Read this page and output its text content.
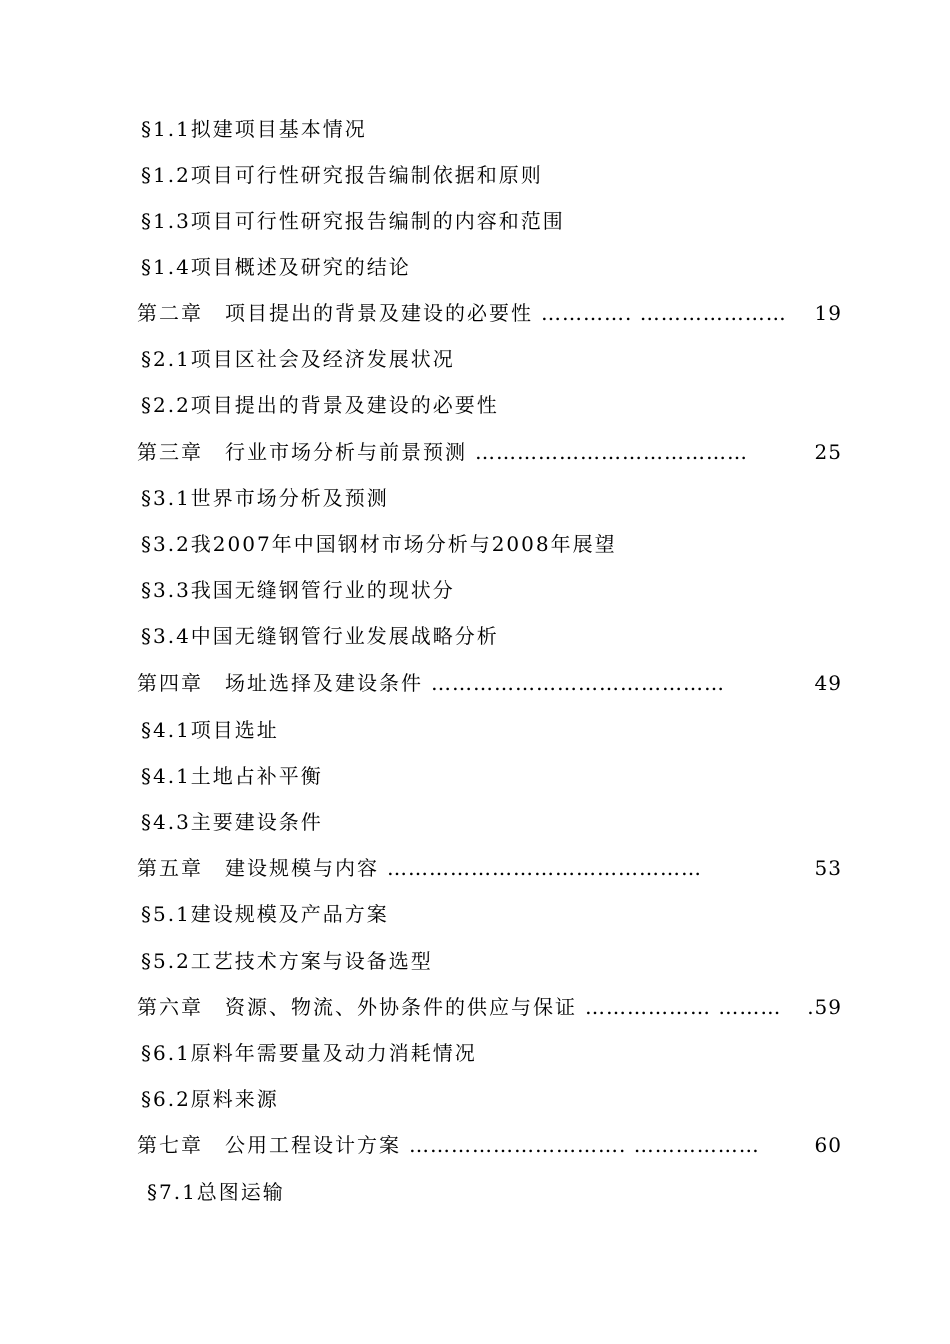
§1.1拟建项目基本情况
§1.2项目可行性研究报告编制依据和原则
§1.3项目可行性研究报告编制的内容和范围
§1.4项目概述及研究的结论
第二章　项目提出的背景及建设的必要性 …………. …………………	19
§2.1项目区社会及经济发展状况
§2.2项目提出的背景及建设的必要性
第三章　行业市场分析与前景预测 …………………………………	25
§3.1世界市场分析及预测
§3.2我2007年中国钢材市场分析与2008年展望
§3.3我国无缝钢管行业的现状分
§3.4中国无缝钢管行业发展战略分析
第四章　场址选择及建设条件 ……………………………………	49
§4.1项目选址
§4.1土地占补平衡
§4.3主要建设条件
第五章　建设规模与内容 ………………………………………	53
§5.1建设规模及产品方案
§5.2工艺技术方案与设备选型
第六章　资源、物流、外协条件的供应与保证 ……………… ………	.59
§6.1原料年需要量及动力消耗情况
§6.2原料来源
第七章　公用工程设计方案 …………………………. ………………	60
§7.1总图运输
